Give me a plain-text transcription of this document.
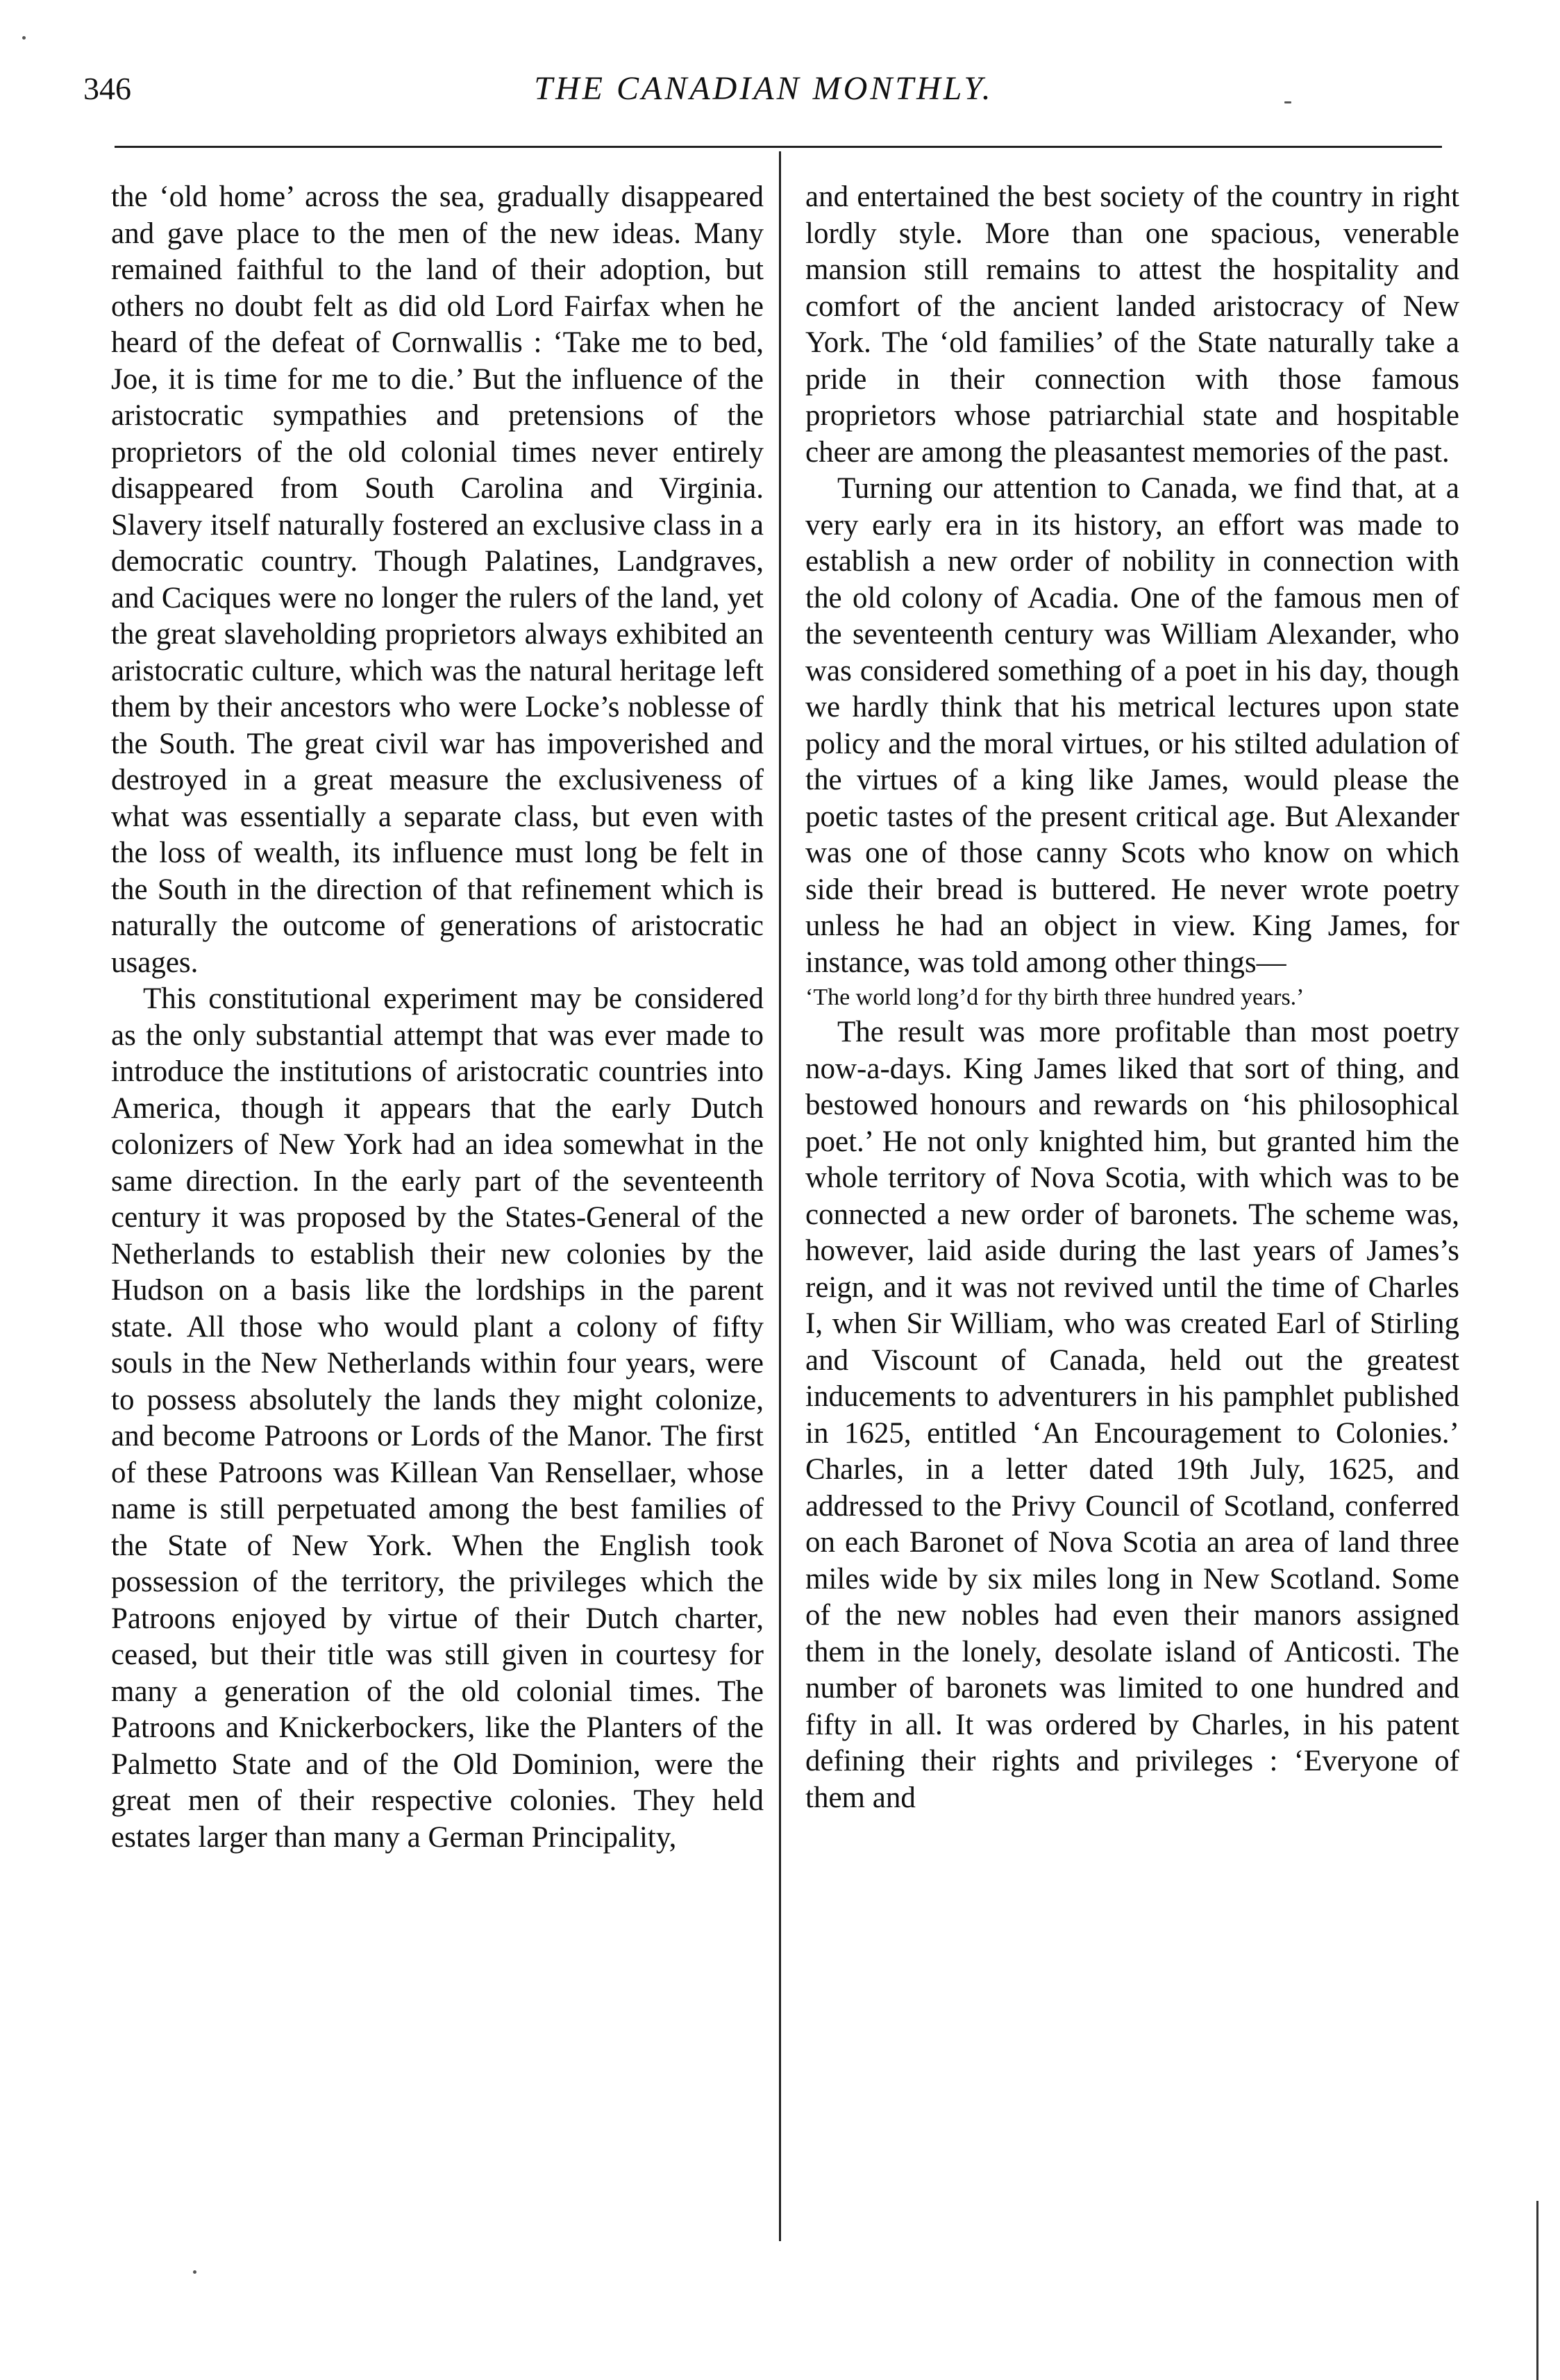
346	THE CANADIAN MONTHLY.

the ‘old home’ across the sea, gradually disappeared and gave place to the men of the new ideas. Many remained faithful to the land of their adoption, but others no doubt felt as did old Lord Fairfax when he heard of the defeat of Cornwallis : ‘Take me to bed, Joe, it is time for me to die.’ But the influence of the aristocratic sympathies and pretensions of the proprietors of the old colonial times never entirely disappeared from South Carolina and Virginia. Slavery itself naturally fostered an exclusive class in a democratic country. Though Palatines, Landgraves, and Caciques were no longer the rulers of the land, yet the great slaveholding proprietors always exhibited an aristocratic culture, which was the natural heritage left them by their ancestors who were Locke’s noblesse of the South. The great civil war has impoverished and destroyed in a great measure the exclusiveness of what was essentially a separate class, but even with the loss of wealth, its influence must long be felt in the South in the direction of that refinement which is naturally the outcome of generations of aristocratic usages.

This constitutional experiment may be considered as the only substantial attempt that was ever made to introduce the institutions of aristocratic countries into America, though it appears that the early Dutch colonizers of New York had an idea somewhat in the same direction. In the early part of the seventeenth century it was proposed by the States-General of the Netherlands to establish their new colonies by the Hudson on a basis like the lordships in the parent state. All those who would plant a colony of fifty souls in the New Netherlands within four years, were to possess absolutely the lands they might colonize, and become Patroons or Lords of the Manor. The first of these Patroons was Killean Van Rensellaer, whose name is still perpetuated among the best families of the State of New York. When the English took possession of the territory, the privileges which the Patroons enjoyed by virtue of their Dutch charter, ceased, but their title was still given in courtesy for many a generation of the old colonial times. The Patroons and Knickerbockers, like the Planters of the Palmetto State and of the Old Dominion, were the great men of their respective colonies. They held estates larger than many a German Principality,

and entertained the best society of the country in right lordly style. More than one spacious, venerable mansion still remains to attest the hospitality and comfort of the ancient landed aristocracy of New York. The ‘old families’ of the State naturally take a pride in their connection with those famous proprietors whose patriarchial state and hospitable cheer are among the pleasantest memories of the past.

Turning our attention to Canada, we find that, at a very early era in its history, an effort was made to establish a new order of nobility in connection with the old colony of Acadia. One of the famous men of the seventeenth century was William Alexander, who was considered something of a poet in his day, though we hardly think that his metrical lectures upon state policy and the moral virtues, or his stilted adulation of the virtues of a king like James, would please the poetic tastes of the present critical age. But Alexander was one of those canny Scots who know on which side their bread is buttered. He never wrote poetry unless he had an object in view. King James, for instance, was told among other things—

‘The world long’d for thy birth three hundred years.’

The result was more profitable than most poetry now-a-days. King James liked that sort of thing, and bestowed honours and rewards on ‘his philosophical poet.’ He not only knighted him, but granted him the whole territory of Nova Scotia, with which was to be connected a new order of baronets. The scheme was, however, laid aside during the last years of James’s reign, and it was not revived until the time of Charles I, when Sir William, who was created Earl of Stirling and Viscount of Canada, held out the greatest inducements to adventurers in his pamphlet published in 1625, entitled ‘An Encouragement to Colonies.’ Charles, in a letter dated 19th July, 1625, and addressed to the Privy Council of Scotland, conferred on each Baronet of Nova Scotia an area of land three miles wide by six miles long in New Scotland. Some of the new nobles had even their manors assigned them in the lonely, desolate island of Anticosti. The number of baronets was limited to one hundred and fifty in all. It was ordered by Charles, in his patent defining their rights and privileges : ‘Everyone of them and
